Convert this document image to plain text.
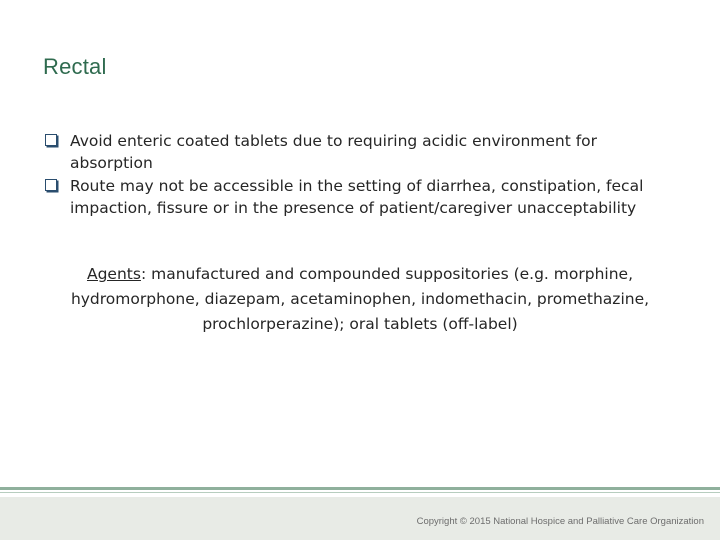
Rectal
Avoid enteric coated tablets due to requiring acidic environment for absorption
Route may not be accessible in the setting of diarrhea, constipation, fecal impaction, fissure or in the presence of patient/caregiver unacceptability
Agents: manufactured and compounded suppositories (e.g. morphine, hydromorphone, diazepam, acetaminophen, indomethacin, promethazine, prochlorperazine); oral tablets (off-label)
Copyright © 2015 National Hospice and Palliative Care Organization
